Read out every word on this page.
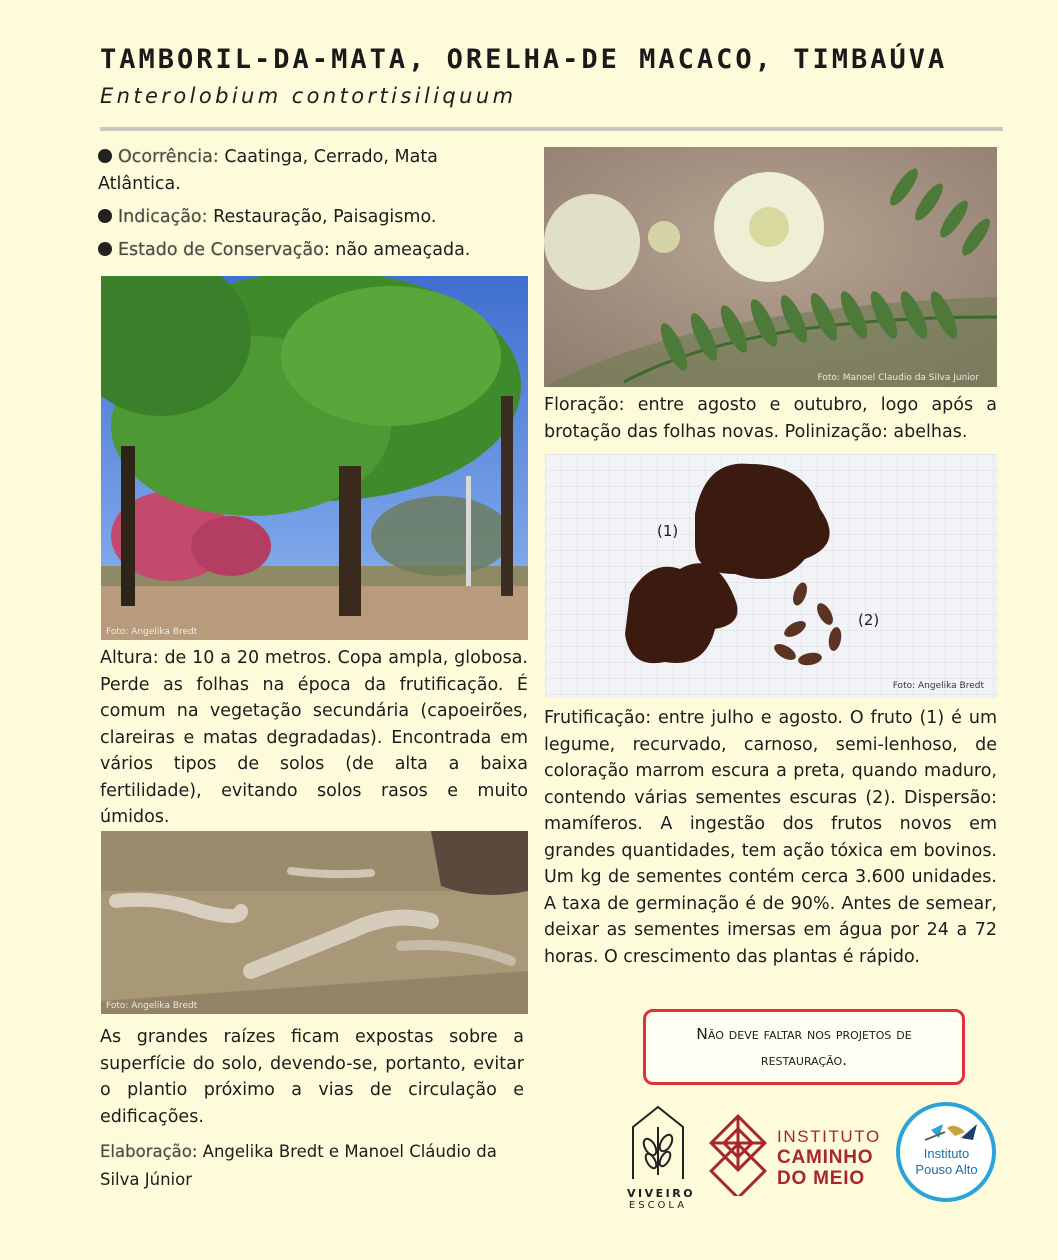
TAMBORIL-DA-MATA, ORELHA-DE MACACO, TIMBAÚVA
Enterolobium contortisiliquum
Ocorrência: Caatinga, Cerrado, Mata Atlântica.
Indicação: Restauração, Paisagismo.
Estado de Conservação: não ameaçada.
Foto: Angelika Bredt
Altura: de 10 a 20 metros. Copa ampla, globosa. Perde as folhas na época da frutificação. É comum na vegetação secundária (capoeirões, clareiras e matas degradadas). Encontrada em vários tipos de solos (de alta a baixa fertilidade), evitando solos rasos e muito úmidos.
Foto: Angelika Bredt
As grandes raízes ficam expostas sobre a superfície do solo, devendo-se, portanto, evitar o plantio próximo a vias de circulação e edificações.
Foto: Manoel Claudio da Silva Junior
Floração: entre agosto e outubro, logo após a brotação das folhas novas. Polinização: abelhas.
(1)
(2)
Foto: Angelika Bredt
Frutificação: entre julho e agosto. O fruto (1) é um legume, recurvado, carnoso, semi-lenhoso, de coloração marrom escura a preta, quando maduro, contendo várias sementes escuras (2). Dispersão: mamíferos. A ingestão dos frutos novos em grandes quantidades, tem ação tóxica em bovinos. Um kg de sementes contém cerca 3.600 unidades. A taxa de germinação é de 90%. Antes de semear, deixar as sementes imersas em água por 24 a 72 horas. O crescimento das plantas é rápido.
Não deve faltar nos projetos de
restauração.
Elaboração: Angelika Bredt e Manoel Cláudio da Silva Júnior
VIVEIRO
ESCOLA
INSTITUTO
CAMINHO
DO MEIO
Instituto
Pouso Alto
